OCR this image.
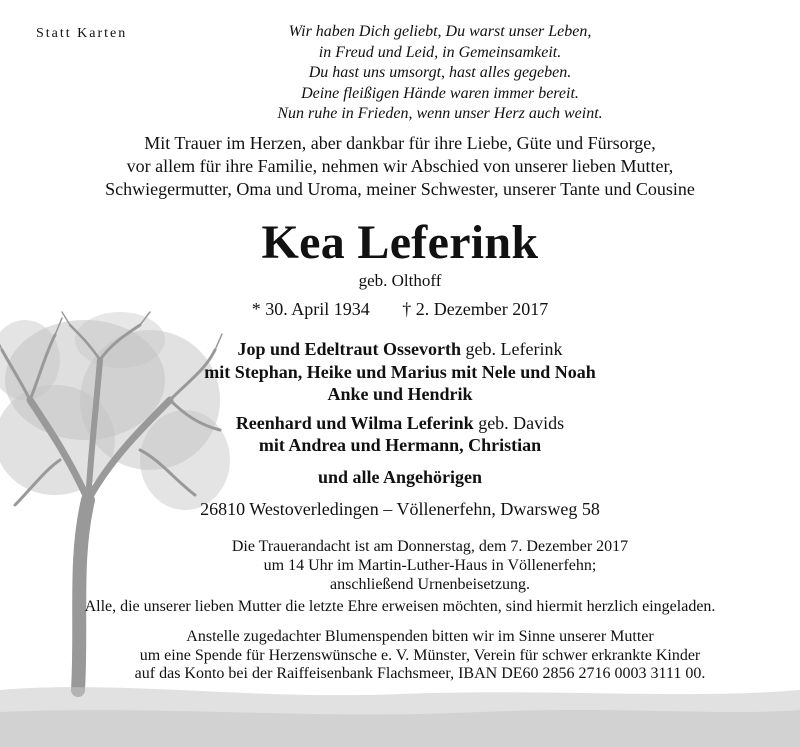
Statt Karten	Wir haben Dich geliebt, Du warst unser Leben,
in Freud und Leid, in Gemeinsamkeit.
Du hast uns umsorgt, hast alles gegeben.
Deine fleißigen Hände waren immer bereit.
Nun ruhe in Frieden, wenn unser Herz auch weint.
Mit Trauer im Herzen, aber dankbar für ihre Liebe, Güte und Fürsorge,
vor allem für ihre Familie, nehmen wir Abschied von unserer lieben Mutter,
Schwiegermutter, Oma und Uroma, meiner Schwester, unserer Tante und Cousine
Kea Leferink
geb. Olthoff
* 30. April 1934 † 2. Dezember 2017
Jop und Edeltraut Ossevorth geb. Leferink
mit Stephan, Heike und Marius mit Nele und Noah
Anke und Hendrik
Reenhard und Wilma Leferink geb. Davids
mit Andrea und Hermann, Christian
und alle Angehörigen
26810 Westoverledingen – Völlenerfehn, Dwarsweg 58
Die Trauerandacht ist am Donnerstag, dem 7. Dezember 2017
um 14 Uhr im Martin-Luther-Haus in Völlenerfehn;
anschließend Urnenbeisetzung.
Alle, die unserer lieben Mutter die letzte Ehre erweisen möchten, sind hiermit herzlich eingeladen.
Anstelle zugedachter Blumenspenden bitten wir im Sinne unserer Mutter
um eine Spende für Herzenswünsche e. V. Münster, Verein für schwer erkrankte Kinder
auf das Konto bei der Raiffeisenbank Flachsmeer, IBAN DE60 2856 2716 0003 3111 00.
